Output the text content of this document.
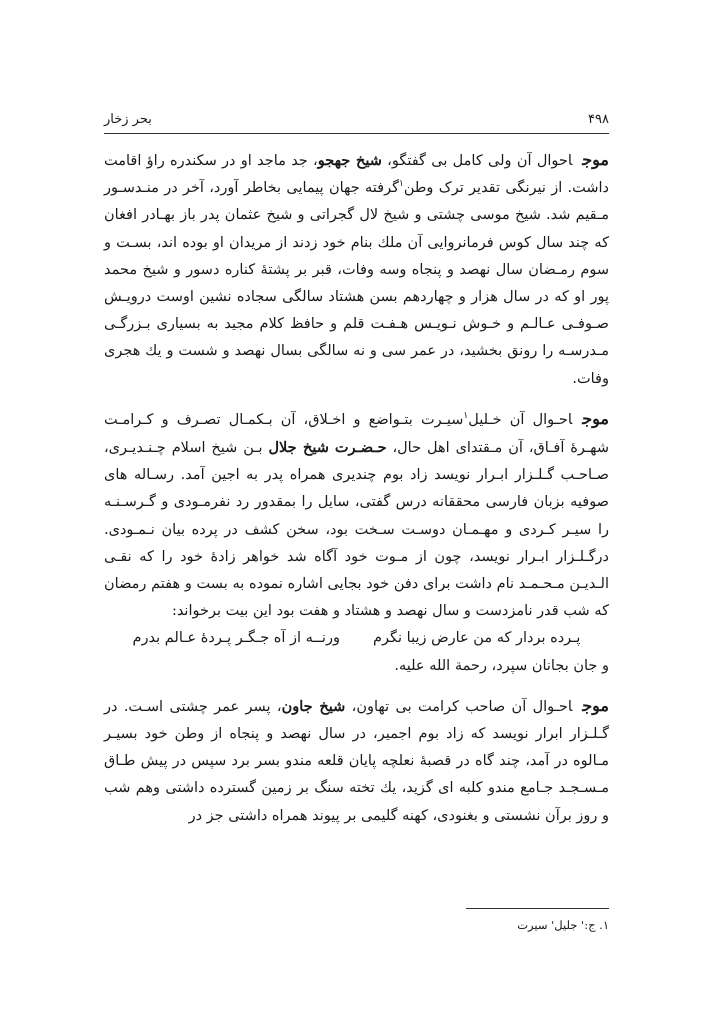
۴۹۸
بحر زخار

موجاحوال آن ولی کامل بی گفتگو، شیخ جهجو، جد ماجد او در سکندره راؤ اقامت داشت. از نیرنگی تقدیر ترک وطن$^۱$گرفته جهان پیمایی بخاطر آورد، آخر در منـدسـور مـقیم شد. شیخ موسی چشتی و شیخ لال گجراتی و شیخ عثمان پدر باز بهـادر افغان که چند سال کوس فرمانروایی آن ملك بنام خود زدند از مریدان او بوده اند، بسـت و سوم رمـضان سال نهصد و پنجاه وسه وفات، قبر بر پشتهٔ کناره دسور و شیخ محمد پور او که در سال هزار و چهاردهم بسن هشتاد سالگی سجاده نشین اوست درویـش صـوفـی عـالـم و خـوش نـویـس هـفـت قلم و حافظ کلام مجید به بسیاری بـزرگـی مـدرسـه را رونق بخشید، در عمر سی و نه سالگی بسال نهصد و شست و یك هجری وفات.

موجاحـوال آن خـلیل$^۱$سیـرت بتـواضع و اخـلاق، آن بـکمـال تصـرف و کـرامـت شهـرهٔ آفـاق، آن مـقتدای اهل حال، حـضـرت شیخ جلال بـن شیخ اسلام چـنـدیـری، صـاحـب گـلـزار ابـرار نویسد زاد بوم چندیری همراه پدر به اجین آمد. رسـاله های صوفیه بزبان فارسی محققانه درس گفتی، سایل را بمقدور رد نفرمـودی و گـرسـنـه را سیـر کـردی و مهـمـان دوسـت سـخت بود، سخن کشف در پرده بیان نـمـودی. درگـلـزار ابـرار نویسد، چون از مـوت خود آگاه شد خواهر زادهٔ خود را که نقـی الـدیـن مـحـمـد نام داشت برای دفن خود بجایی اشاره نموده به بست و هفتم رمضان که شب قدر نامزدست و سال نهصد و هشتاد و هفت بود این بیت برخواند:

پـرده بردار که من عارض زیبا نگرم
ورنــه از آه جـگـر پـردهٔ عـالم بدرم

و جان بجانان سپرد، رحمة الله علیه.

موجاحـوال آن صاحب کرامت بی تهاون، شیخ جاون، پسر عمر چشتی اسـت. در گـلـزار ابرار نویسد که زاد بوم اجمیر، در سال نهصد و پنجاه از وطن خود بسیـر مـالوه در آمد، چند گاه در قصبهٔ نعلچه پایان قلعه مندو بسر برد سپس در پیش طـاق مـسـجـد جـامع مندو کلبه ای گزید، یك تخته سنگ بر زمین گسترده داشتی وهم شب و روز برآن نشستی و بغنودی، کهنه گلیمی بر پیوند همراه داشتی جز در

۱. ج:' جلیل' سیرت
